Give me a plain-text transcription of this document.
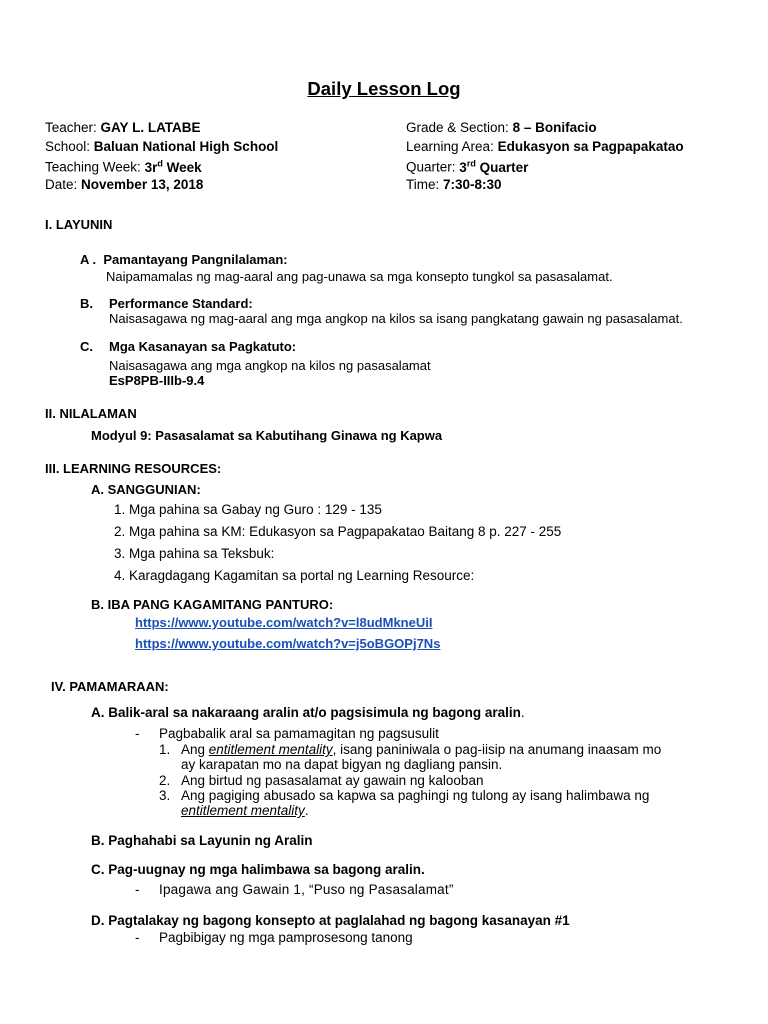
Daily Lesson Log
Teacher: GAY L. LATABE
School: Baluan National High School
Teaching Week: $3r^d$ Week
Date: November 13, 2018
Grade & Section: 8 – Bonifacio
Learning Area: Edukasyon sa Pagpapakatao
Quarter: 3rd Quarter
Time: 7:30-8:30
I. LAYUNIN
A . Pamantayang Pangnilalaman:
Naipamamalas ng mag-aaral ang pag-unawa sa mga konsepto tungkol sa pasasalamat.
B. Performance Standard:
Naisasagawa ng mag-aaral ang mga angkop na kilos sa isang pangkatang gawain ng pasasalamat.
C. Mga Kasanayan sa Pagkatuto:
Naisasagawa ang mga angkop na kilos ng pasasalamat
EsP8PB-IIIb-9.4
II. NILALAMAN
Modyul 9: Pasasalamat sa Kabutihang Ginawa ng Kapwa
III. LEARNING RESOURCES:
A. SANGGUNIAN:
1. Mga pahina sa Gabay ng Guro : 129 - 135
2. Mga pahina sa KM: Edukasyon sa Pagpapakatao Baitang 8 p. 227 - 255
3. Mga pahina sa Teksbuk:
4. Karagdagang Kagamitan sa portal ng Learning Resource:
B. IBA PANG KAGAMITANG PANTURO:
https://www.youtube.com/watch?v=l8udMkneUiI
https://www.youtube.com/watch?v=j5oBGOPj7Ns
IV. PAMAMARAAN:
A. Balik-aral sa nakaraang aralin at/o pagsisimula ng bagong aralin.
- Pagbabalik aral sa pamamagitan ng pagsusulit
1. Ang entitlement mentality, isang paniniwala o pag-iisip na anumang inaasam mo
ay karapatan mo na dapat bigyan ng dagliang pansin.
2. Ang birtud ng pasasalamat ay gawain ng kalooban
3. Ang pagiging abusado sa kapwa sa paghingi ng tulong ay isang halimbawa ng
entitlement mentality.
B. Paghahabi sa Layunin ng Aralin
C. Pag-uugnay ng mga halimbawa sa bagong aralin.
- Ipagawa ang Gawain 1, “Puso ng Pasasalamat”
D. Pagtalakay ng bagong konsepto at paglalahad ng bagong kasanayan #1
- Pagbibigay ng mga pamprosesong tanong
